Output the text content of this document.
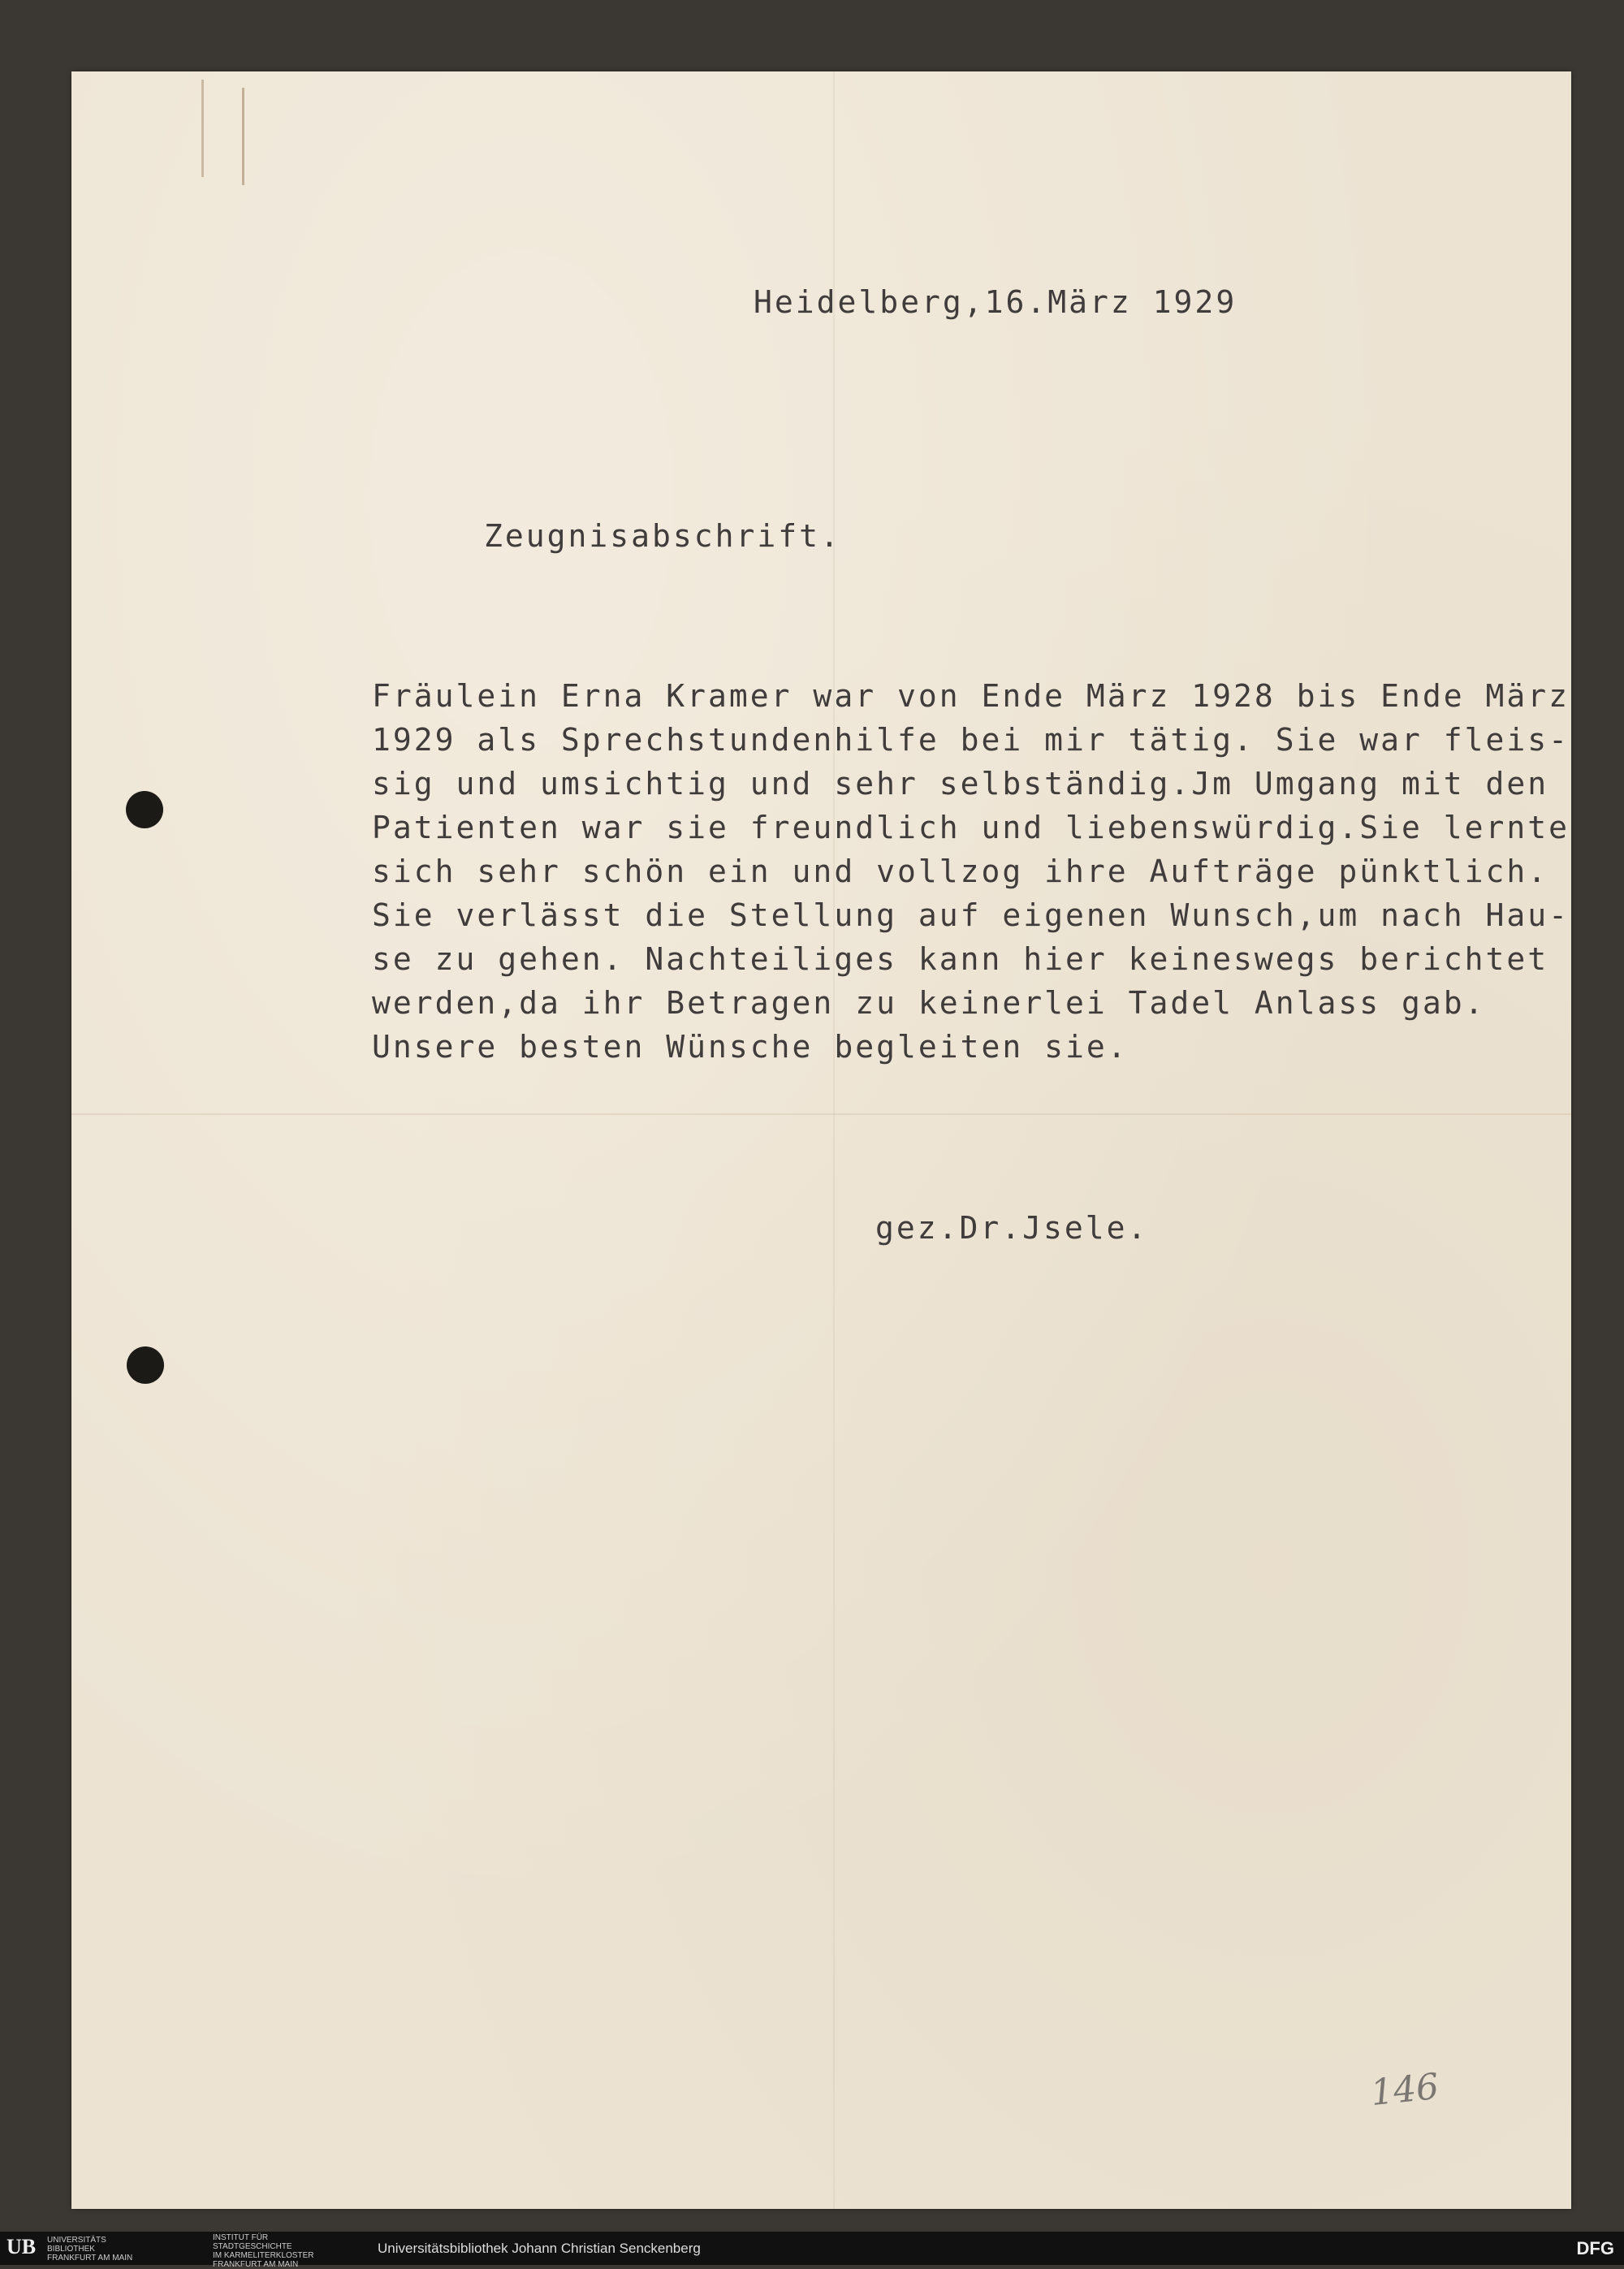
Heidelberg,16.März 1929
Zeugnisabschrift.
Fräulein Erna Kramer war von Ende März 1928 bis Ende März
1929 als Sprechstundenhilfe bei mir tätig. Sie war fleis-
sig und umsichtig und sehr selbständig.Jm Umgang mit den
Patienten war sie freundlich und liebenswürdig.Sie lernte
sich sehr schön ein und vollzog ihre Aufträge pünktlich.
Sie verlässt die Stellung auf eigenen Wunsch,um nach Hau-
se zu gehen. Nachteiliges kann hier keineswegs berichtet
werden,da ihr Betragen zu keinerlei Tadel Anlass gab.
Unsere besten Wünsche begleiten sie.
gez.Dr.Jsele.
146
UB UNIVERSITÄTS
BIBLIOTHEK
FRANKFURT AM MAIN
INSTITUT FÜR
STADTGESCHICHTE
IM KARMELITERKLOSTER
FRANKFURT AM MAIN
Universitätsbibliothek Johann Christian Senckenberg	DFG
